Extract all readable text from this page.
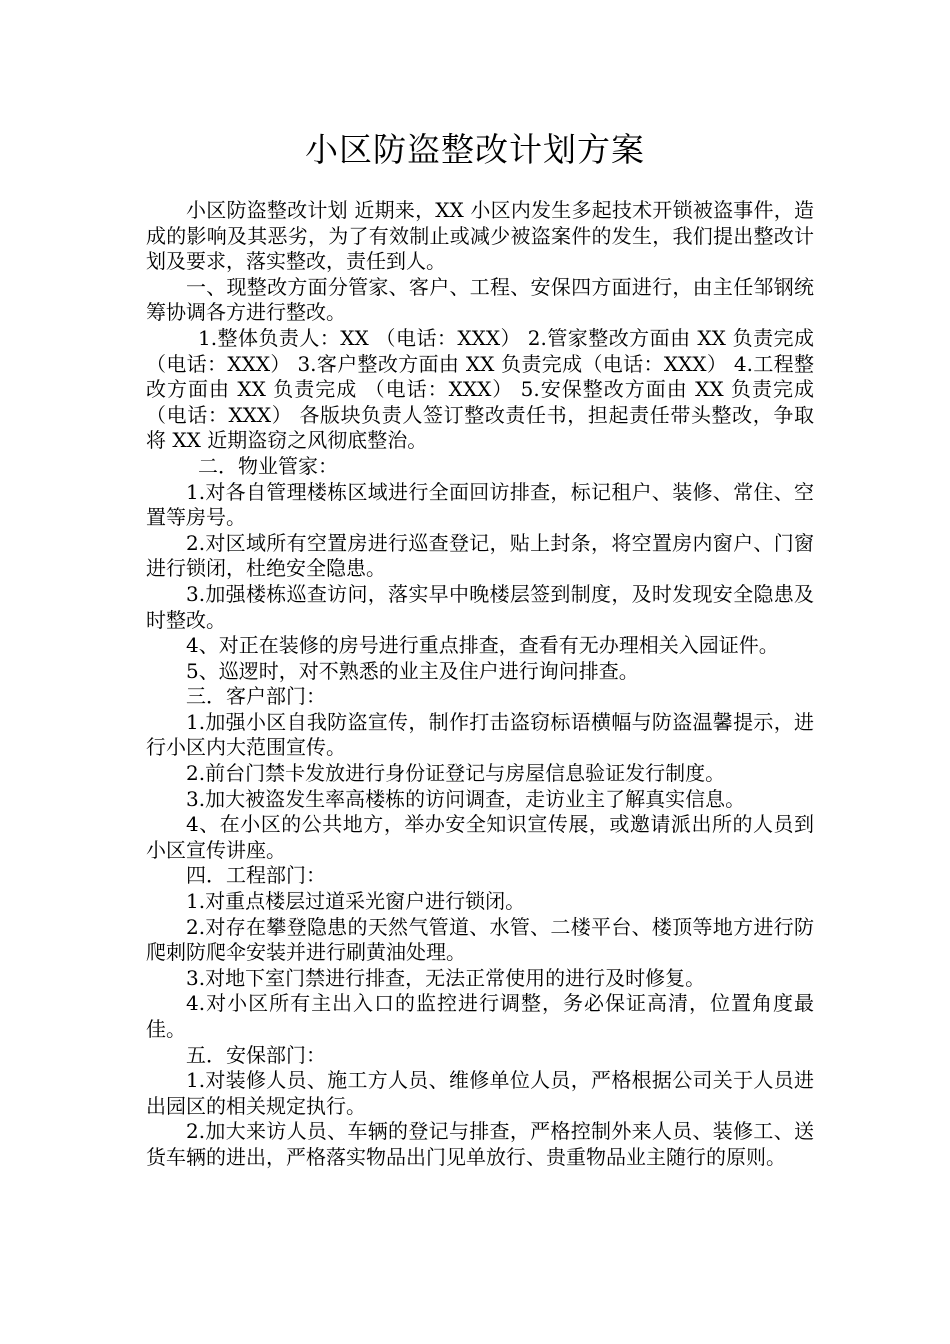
小区防盗整改计划方案

小区防盗整改计划 近期来，XX 小区内发生多起技术开锁被盗事件，造成的影响及其恶劣，为了有效制止或减少被盗案件的发生，我们提出整改计划及要求，落实整改，责任到人。

一、现整改方面分管家、客户、工程、安保四方面进行，由主任邹钢统筹协调各方进行整改。

1.整体负责人：XX （电话：XXX） 2.管家整改方面由 XX 负责完成 （电话：XXX） 3.客户整改方面由 XX 负责完成（电话：XXX） 4.工程整改方面由 XX 负责完成 （电话：XXX） 5.安保整改方面由 XX 负责完成 （电话：XXX） 各版块负责人签订整改责任书，担起责任带头整改，争取将 XX 近期盗窃之风彻底整治。

二．物业管家：

1.对各自管理楼栋区域进行全面回访排查，标记租户、装修、常住、空置等房号。

2.对区域所有空置房进行巡查登记，贴上封条，将空置房内窗户、门窗进行锁闭，杜绝安全隐患。

3.加强楼栋巡查访问，落实早中晚楼层签到制度，及时发现安全隐患及时整改。

4、对正在装修的房号进行重点排查，查看有无办理相关入园证件。

5、巡逻时，对不熟悉的业主及住户进行询问排查。

三．客户部门：

1.加强小区自我防盗宣传，制作打击盗窃标语横幅与防盗温馨提示，进行小区内大范围宣传。

2.前台门禁卡发放进行身份证登记与房屋信息验证发行制度。

3.加大被盗发生率高楼栋的访问调查，走访业主了解真实信息。

4、在小区的公共地方，举办安全知识宣传展，或邀请派出所的人员到小区宣传讲座。

四．工程部门：

1.对重点楼层过道采光窗户进行锁闭。

2.对存在攀登隐患的天然气管道、水管、二楼平台、楼顶等地方进行防爬刺防爬伞安装并进行刷黄油处理。

3.对地下室门禁进行排查，无法正常使用的进行及时修复。

4.对小区所有主出入口的监控进行调整，务必保证高清，位置角度最佳。

五．安保部门：

1.对装修人员、施工方人员、维修单位人员，严格根据公司关于人员进出园区的相关规定执行。

2.加大来访人员、车辆的登记与排查，严格控制外来人员、装修工、送货车辆的进出，严格落实物品出门见单放行、贵重物品业主随行的原则。
